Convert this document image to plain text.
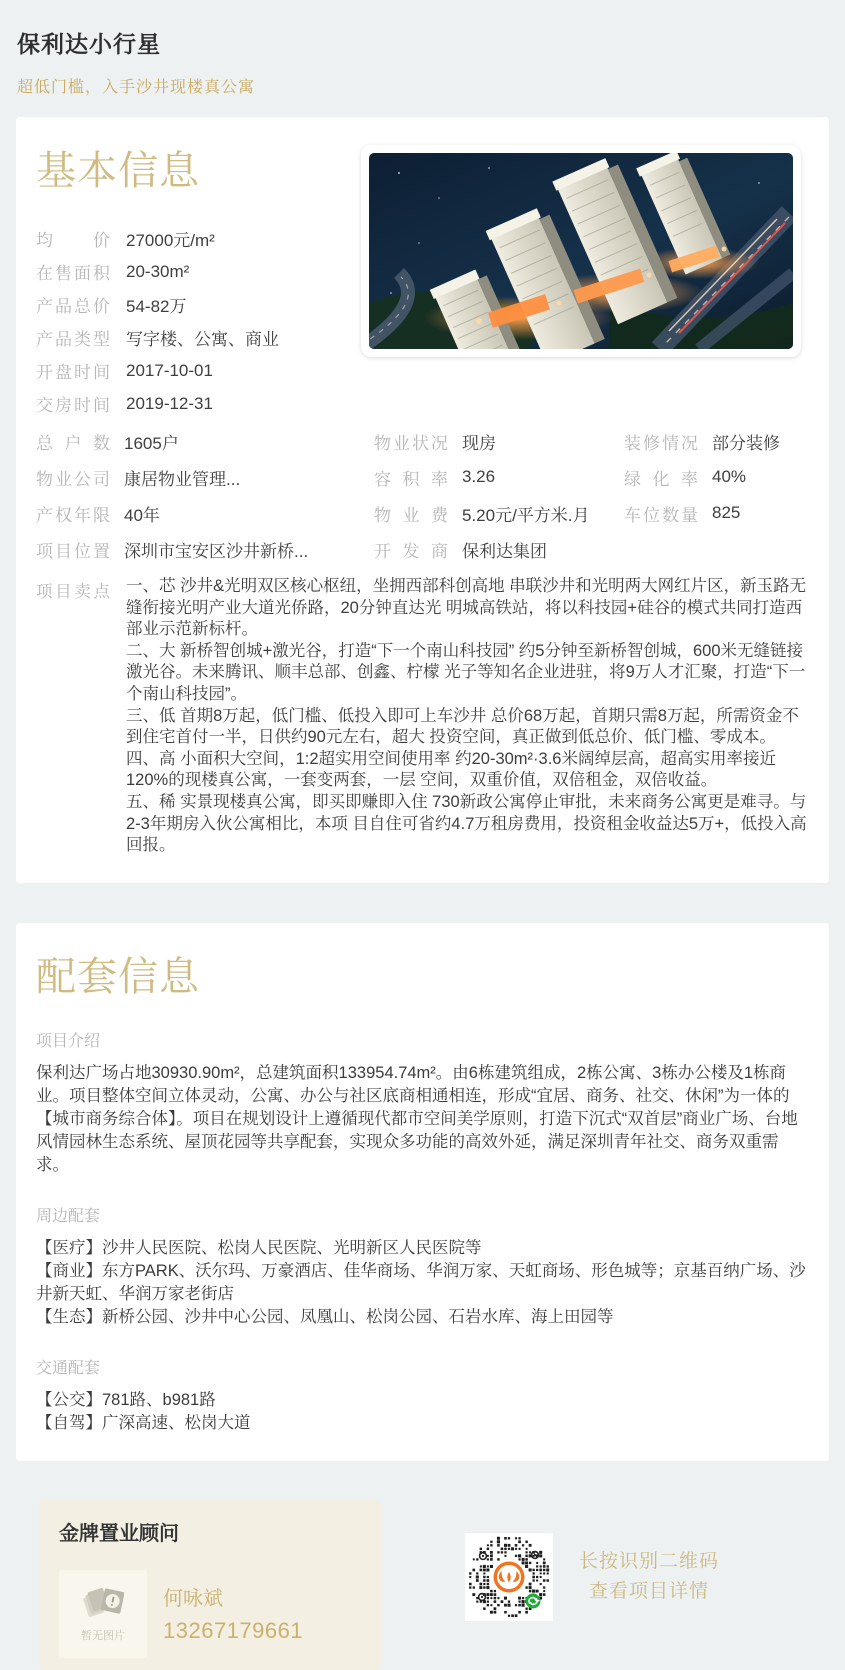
保利达小行星

超低门槛，入手沙井现楼真公寓

基本信息
均价 27000元/m²
在售面积 20-30m²
产品总价 54-82万
产品类型 写字楼、公寓、商业
开盘时间 2017-10-01
交房时间 2019-12-31
总户数 1605户	物业状况 现房	装修情况 部分装修
物业公司 康居物业管理...	容积率 3.26	绿化率 40%
产权年限 40年	物业费 5.20元/平方米.月 车位数量 825
项目位置 深圳市宝安区沙井新桥...	开发商 保利达集团
项目卖点 一、芯 沙井&光明双区核心枢纽，坐拥西部科创高地 串联沙井和光明两大网红片区，新玉路无缝衔接光明产业大道光侨路，20分钟直达光 明城高铁站，将以科技园+硅谷的模式共同打造西部业示范新标杆。

二、大 新桥智创城+激光谷，打造“下一个南山科技园” 约5分钟至新桥智创城，600米无缝链接激光谷。未来腾讯、顺丰总部、创鑫、柠檬 光子等知名企业进驻，将9万人才汇聚，打造“下一个南山科技园”。

三、低 首期8万起，低门槛、低投入即可上车沙井 总价68万起，首期只需8万起，所需资金不到住宅首付一半，日供约90元左右，超大 投资空间，真正做到低总价、低门槛、零成本。

四、高 小面积大空间，1:2超实用空间使用率 约20-30m²·3.6米阔绰层高，超高实用率接近120%的现楼真公寓，一套变两套，一层 空间，双重价值，双倍租金，双倍收益。

五、稀 实景现楼真公寓，即买即赚即入住 730新政公寓停止审批，未来商务公寓更是难寻。与2-3年期房入伙公寓相比，本项 目自住可省约4.7万租房费用，投资租金收益达5万+，低投入高回报。

配套信息
项目介绍

保利达广场占地30930.90m²，总建筑面积133954.74m²。由6栋建筑组成，2栋公寓、3栋办公楼及1栋商业。项目整体空间立体灵动，公寓、办公与社区底商相通相连，形成“宜居、商务、社交、休闲”为一体的【城市商务综合体】。项目在规划设计上遵循现代都市空间美学原则，打造下沉式“双首层”商业广场、台地风情园林生态系统、屋顶花园等共享配套，实现众多功能的高效外延，满足深圳青年社交、商务双重需求。

周边配套
【医疗】沙井人民医院、松岗人民医院、光明新区人民医院等
【商业】东方PARK、沃尔玛、万豪酒店、佳华商场、华润万家、天虹商场、形色城等；京基百纳广场、沙井新天虹、华润万家老街店
【生态】新桥公园、沙井中心公园、凤凰山、松岗公园、石岩水库、海上田园等
交通配套
【公交】781路、b981路
【自驾】广深高速、松岗大道
金牌置业顾问
暂无图片
何咏斌
13267179661
长按识别二维码
查看项目详情
